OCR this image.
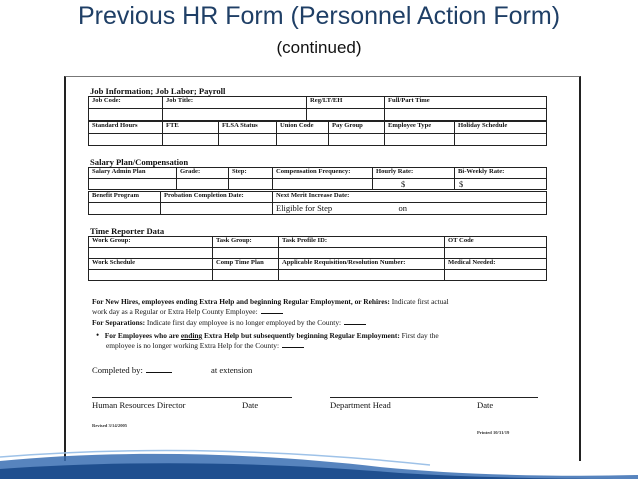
Previous HR Form (Personnel Action Form)
(continued)
Job Information; Job Labor; Payroll
Job Code:	Job Title:	Reg/LT/EH	Full/Part Time

Standard Hours	FTE	FLSA Status	Union Code	Pay Group	Employee Type	Holiday Schedule

Salary Plan/Compensation
Salary Admin Plan	Grade:	Step:	Compensation Frequency:	Hourly Rate:	Bi-Weekly Rate:
				$	$
Benefit Program	Probation Completion Date:	Next Merit Increase Date:
		Eligible for Step on
Time Reporter Data
Work Group:	Task Group:	Task Profile ID:	OT Code

Work Schedule	Comp Time Plan	Applicable Requisition/Resolution Number:	Medical Needed:

For New Hires, employees ending Extra Help and beginning Regular Employment, or Rehires: Indicate first actual
work day as a Regular or Extra Help County Employee:
For Separations: Indicate first day employee is no longer employed by the County:
• For Employees who are ending Extra Help but subsequently beginning Regular Employment: First day the
employee is no longer working Extra Help for the County:
Completed by:	at extension
Human Resources Director	Date	Department Head	Date
Revised 3/14/2005
Printed 10/31/19
